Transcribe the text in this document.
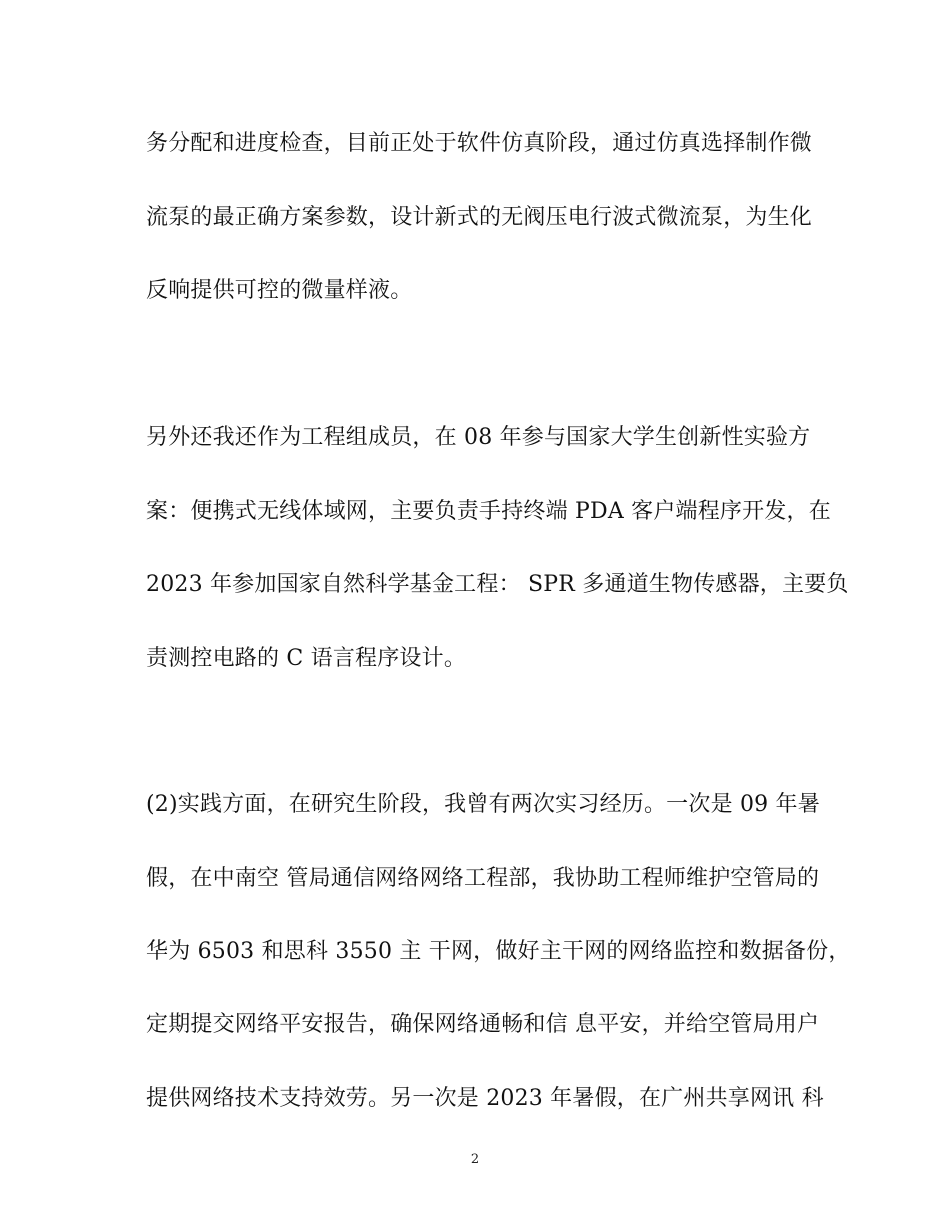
务分配和进度检查，目前正处于软件仿真阶段，通过仿真选择制作微
流泵的最正确方案参数，设计新式的无阀压电行波式微流泵，为生化
反响提供可控的微量样液。
另外还我还作为工程组成员，在 08 年参与国家大学生创新性实验方
案：便携式无线体域网，主要负责手持终端 PDA 客户端程序开发，在
2023 年参加国家自然科学基金工程： SPR 多通道生物传感器，主要负
责测控电路的 C 语言程序设计。
(2)实践方面，在研究生阶段，我曾有两次实习经历。一次是 09 年暑
假，在中南空 管局通信网络网络工程部，我协助工程师维护空管局的
华为 6503 和思科 3550 主 干网，做好主干网的网络监控和数据备份，
定期提交网络平安报告，确保网络通畅和信 息平安，并给空管局用户
提供网络技术支持效劳。另一次是 2023 年暑假，在广州共享网讯 科
2
